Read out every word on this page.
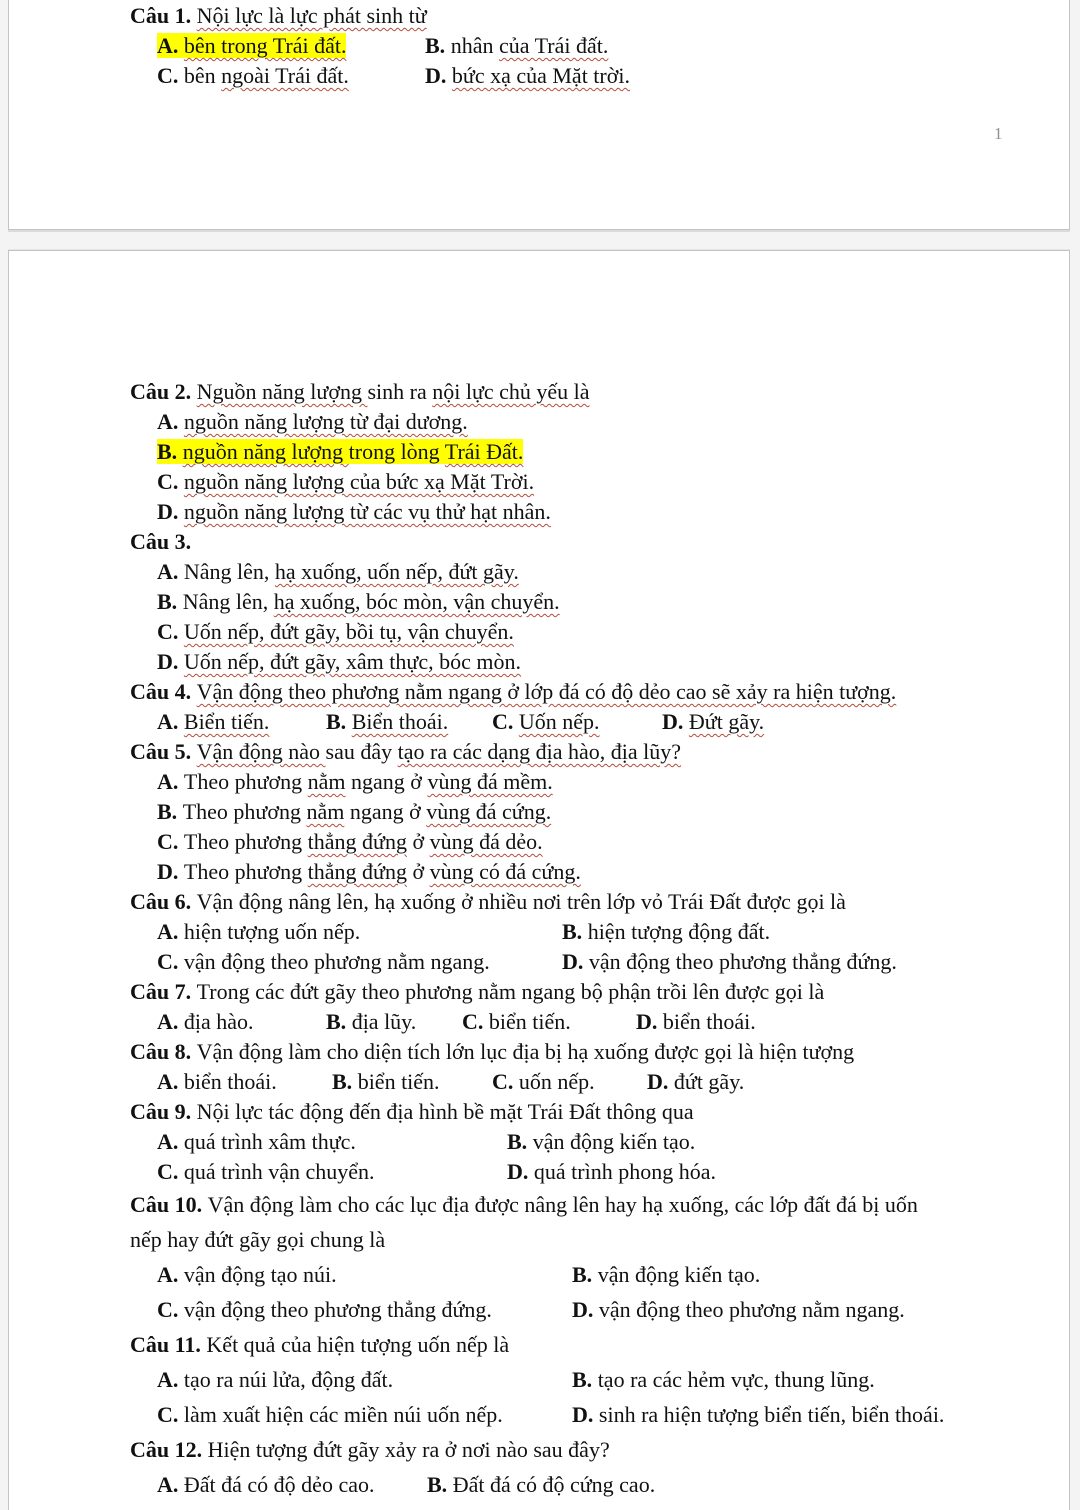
Câu 1. Nội lực là lực phát sinh từ
A. bên trong Trái đất.	B. nhân của Trái đất.
C. bên ngoài Trái đất.	D. bức xạ của Mặt trời.
1
Câu 2. Nguồn năng lượng sinh ra nội lực chủ yếu là
A. nguồn năng lượng từ đại dương.
B. nguồn năng lượng trong lòng Trái Đất.
C. nguồn năng lượng của bức xạ Mặt Trời.
D. nguồn năng lượng từ các vụ thử hạt nhân.
Câu 3.
A. Nâng lên, hạ xuống, uốn nếp, đứt gãy.
B. Nâng lên, hạ xuống, bóc mòn, vận chuyển.
C. Uốn nếp, đứt gãy, bồi tụ, vận chuyển.
D. Uốn nếp, đứt gãy, xâm thực, bóc mòn.
Câu 4. Vận động theo phương nằm ngang ở lớp đá có độ dẻo cao sẽ xảy ra hiện tượng.
A. Biển tiến.	B. Biển thoái.	C. Uốn nếp.	D. Đứt gãy.
Câu 5. Vận động nào sau đây tạo ra các dạng địa hào, địa lũy?
A. Theo phương nằm ngang ở vùng đá mềm.
B. Theo phương nằm ngang ở vùng đá cứng.
C. Theo phương thẳng đứng ở vùng đá dẻo.
D. Theo phương thẳng đứng ở vùng có đá cứng.
Câu 6. Vận động nâng lên, hạ xuống ở nhiều nơi trên lớp vỏ Trái Đất được gọi là
A. hiện tượng uốn nếp.	B. hiện tượng động đất.
C. vận động theo phương nằm ngang.	D. vận động theo phương thẳng đứng.
Câu 7. Trong các đứt gãy theo phương nằm ngang bộ phận trồi lên được gọi là
A. địa hào.	B. địa lũy.	C. biển tiến.	D. biển thoái.
Câu 8. Vận động làm cho diện tích lớn lục địa bị hạ xuống được gọi là hiện tượng
A. biển thoái.	B. biển tiến.	C. uốn nếp.	D. đứt gãy.
Câu 9. Nội lực tác động đến địa hình bề mặt Trái Đất thông qua
A. quá trình xâm thực.	B. vận động kiến tạo.
C. quá trình vận chuyển.	D. quá trình phong hóa.
Câu 10. Vận động làm cho các lục địa được nâng lên hay hạ xuống, các lớp đất đá bị uốn
nếp hay đứt gãy gọi chung là
A. vận động tạo núi.	B. vận động kiến tạo.
C. vận động theo phương thẳng đứng.	D. vận động theo phương nằm ngang.
Câu 11. Kết quả của hiện tượng uốn nếp là
A. tạo ra núi lửa, động đất.	B. tạo ra các hẻm vực, thung lũng.
C. làm xuất hiện các miền núi uốn nếp.	D. sinh ra hiện tượng biển tiến, biển thoái.
Câu 12. Hiện tượng đứt gãy xảy ra ở nơi nào sau đây?
A. Đất đá có độ dẻo cao.	B. Đất đá có độ cứng cao.
